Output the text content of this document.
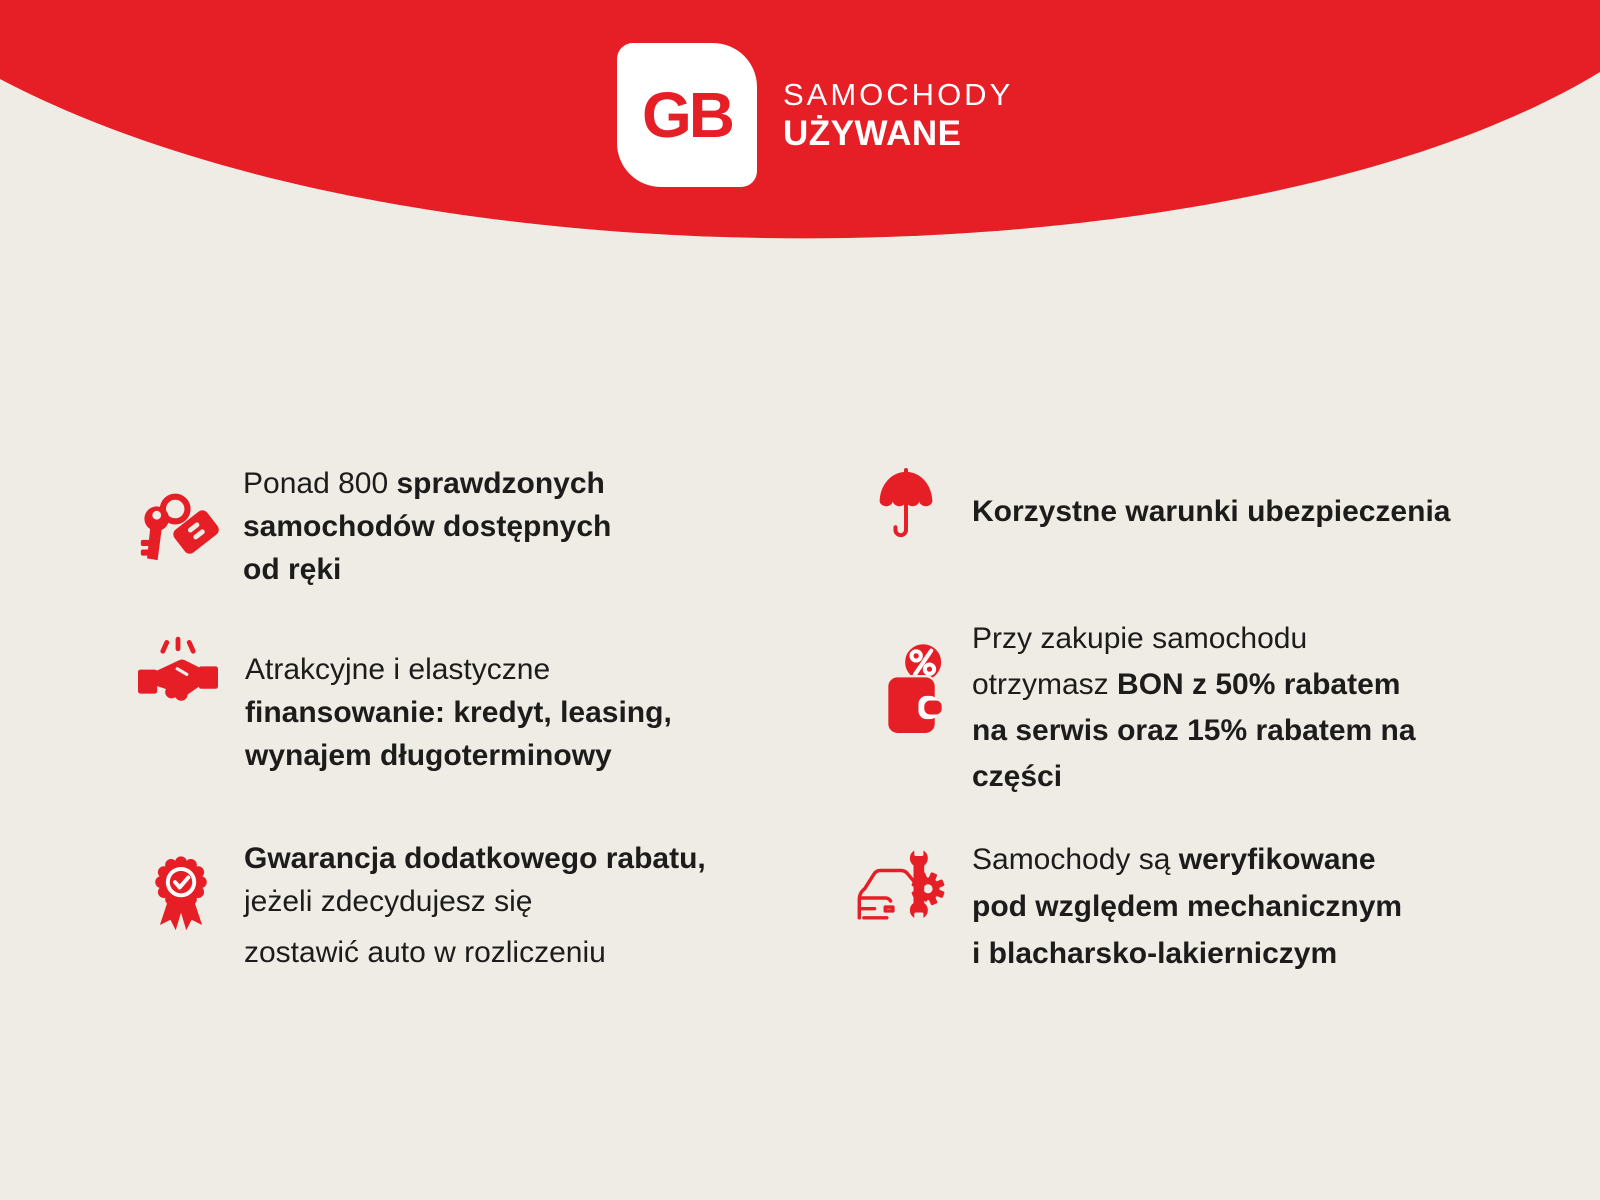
GB SAMOCHODY
UŻYWANE
Ponad 800 sprawdzonych
samochodów dostępnych
od ręki
Atrakcyjne i elastyczne
finansowanie: kredyt, leasing,
wynajem długoterminowy
Gwarancja dodatkowego rabatu,
jeżeli zdecydujesz się
zostawić auto w rozliczeniu
Korzystne warunki ubezpieczenia
Przy zakupie samochodu
otrzymasz BON z 50% rabatem
na serwis oraz 15% rabatem na
części
Samochody są weryfikowane
pod względem mechanicznym
i blacharsko-lakierniczym
